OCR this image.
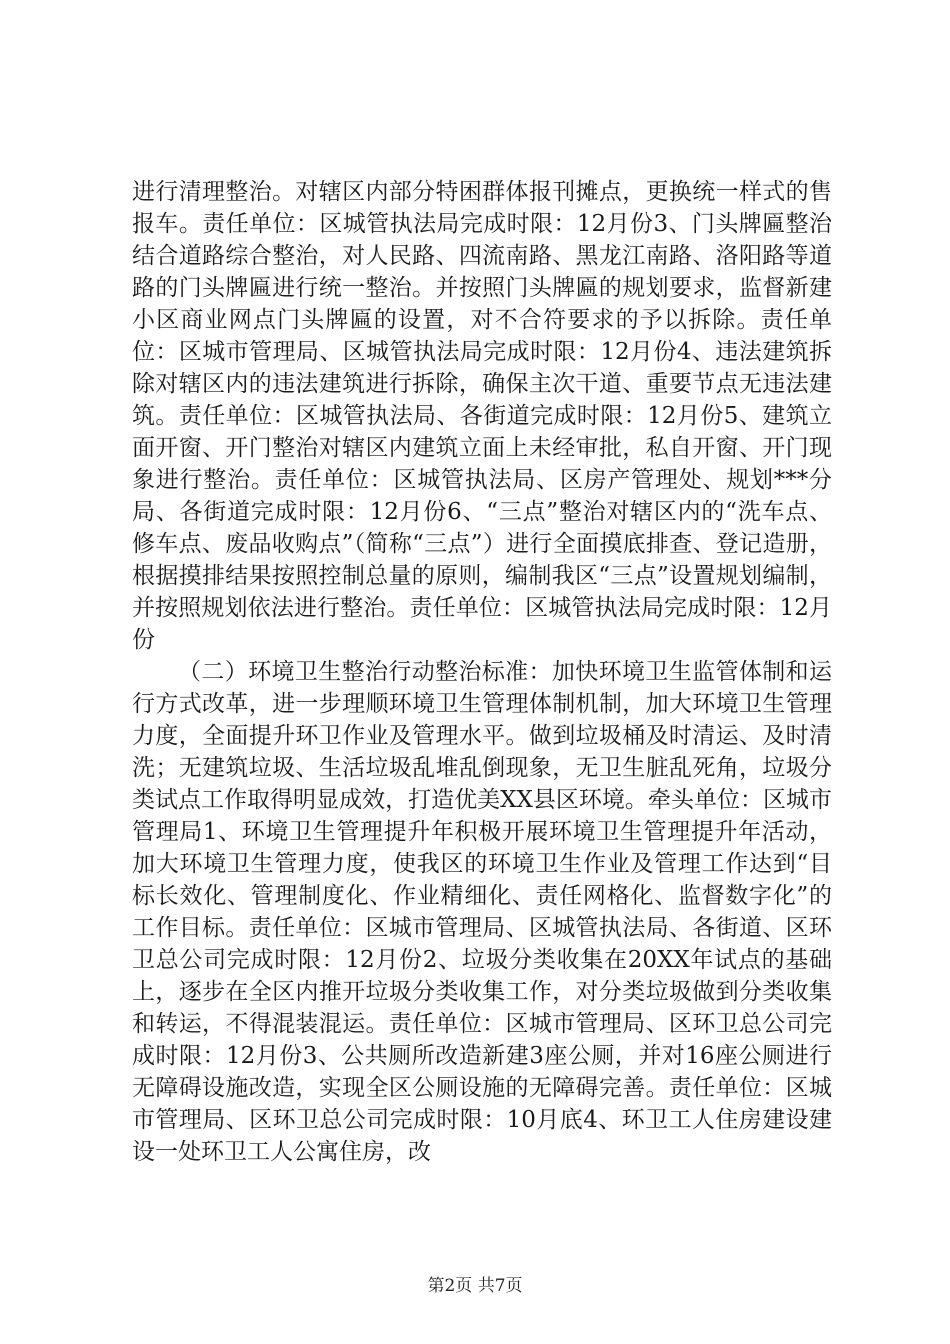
进行清理整治。对辖区内部分特困群体报刊摊点，更换统一样式的售报车。责任单位：区城管执法局完成时限：12月份3、门头牌匾整治结合道路综合整治，对人民路、四流南路、黑龙江南路、洛阳路等道路的门头牌匾进行统一整治。并按照门头牌匾的规划要求，监督新建小区商业网点门头牌匾的设置，对不合符要求的予以拆除。责任单位：区城市管理局、区城管执法局完成时限：12月份4、违法建筑拆除对辖区内的违法建筑进行拆除，确保主次干道、重要节点无违法建筑。责任单位：区城管执法局、各街道完成时限：12月份5、建筑立面开窗、开门整治对辖区内建筑立面上未经审批，私自开窗、开门现象进行整治。责任单位：区城管执法局、区房产管理处、规划***分局、各街道完成时限：12月份6、“三点”整治对辖区内的“洗车点、修车点、废品收购点”（简称“三点”）进行全面摸底排查、登记造册，根据摸排结果按照控制总量的原则，编制我区“三点”设置规划编制，并按照规划依法进行整治。责任单位：区城管执法局完成时限：12月份

（二）环境卫生整治行动整治标准：加快环境卫生监管体制和运行方式改革，进一步理顺环境卫生管理体制机制，加大环境卫生管理力度，全面提升环卫作业及管理水平。做到垃圾桶及时清运、及时清洗；无建筑垃圾、生活垃圾乱堆乱倒现象，无卫生脏乱死角，垃圾分类试点工作取得明显成效，打造优美XX县区环境。牵头单位：区城市管理局1、环境卫生管理提升年积极开展环境卫生管理提升年活动，加大环境卫生管理力度，使我区的环境卫生作业及管理工作达到“目标长效化、管理制度化、作业精细化、责任网格化、监督数字化”的工作目标。责任单位：区城市管理局、区城管执法局、各街道、区环卫总公司完成时限：12月份2、垃圾分类收集在20XX年试点的基础上，逐步在全区内推开垃圾分类收集工作，对分类垃圾做到分类收集和转运，不得混装混运。责任单位：区城市管理局、区环卫总公司完成时限：12月份3、公共厕所改造新建3座公厕，并对16座公厕进行无障碍设施改造，实现全区公厕设施的无障碍完善。责任单位：区城市管理局、区环卫总公司完成时限：10月底4、环卫工人住房建设建设一处环卫工人公寓住房，改

第2页 共7页
